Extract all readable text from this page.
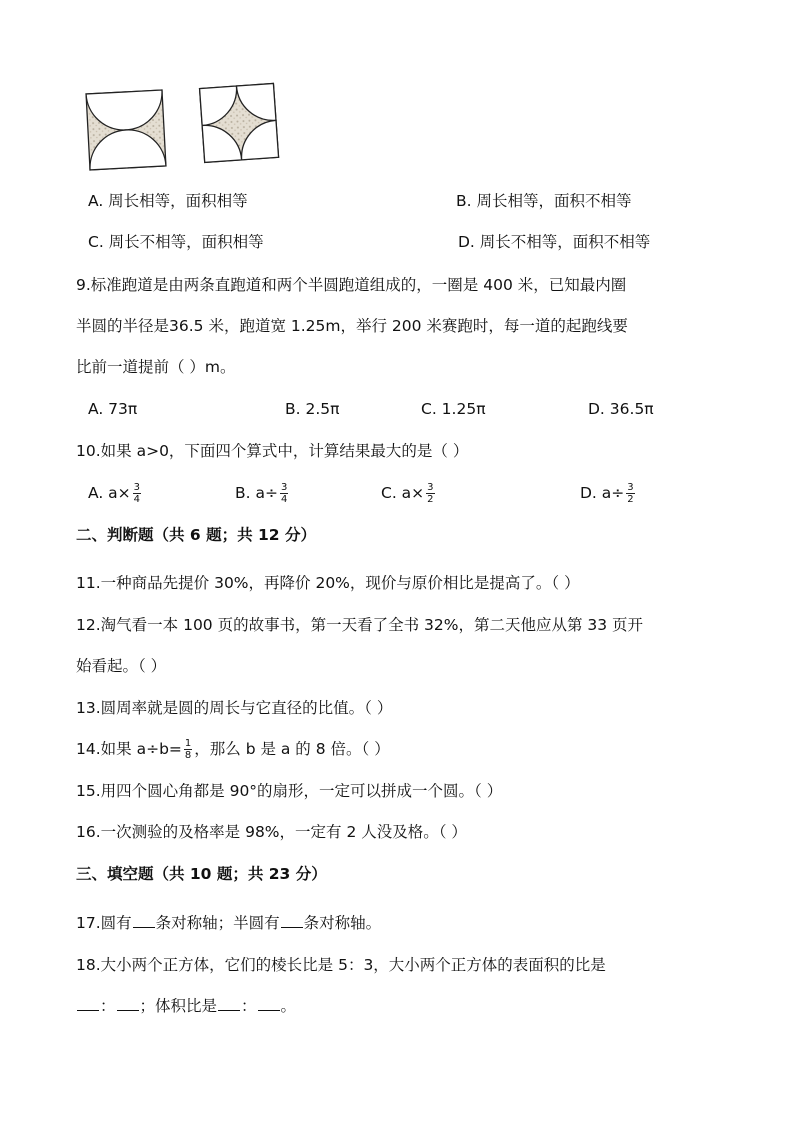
A. 周长相等，面积相等	B. 周长相等，面积不相等
C. 周长不相等，面积相等	D. 周长不相等，面积不相等
9.标准跑道是由两条直跑道和两个半圆跑道组成的，一圈是 400 米，已知最内圈
半圆的半径是36.5 米，跑道宽 1.25m，举行 200 米赛跑时，每一道的起跑线要
比前一道提前（ ）m。
A. 73π	B. 2.5π	C. 1.25π	D. 36.5π
10.如果 a>0，下面四个算式中，计算结果最大的是（ ）
A. $a\times \frac{3}{4}$	B. $a\div \frac{3}{4}$	C. $a\times \frac{3}{2}$	D. $a\div \frac{3}{2}$
二、判断题（共 6 题；共 12 分）
11.一种商品先提价 30%，再降价 20%，现价与原价相比是提高了。（ ）
12.淘气看一本 100 页的故事书，第一天看了全书 32%，第二天他应从第 33 页开
始看起。（ ）
13.圆周率就是圆的周长与它直径的比值。（ ）
14.如果 $a\div b= \frac{1}{8}$ ，那么 b 是 a 的 8 倍。（ ）
15.用四个圆心角都是 90°的扇形，一定可以拼成一个圆。（ ）
16.一次测验的及格率是 98%，一定有 2 人没及格。（ ）
三、填空题（共 10 题；共 23 分）
17.圆有 条对称轴；半圆有 条对称轴。
18.大小两个正方体，它们的棱长比是 5：3，大小两个正方体的表面积的比是
： ；体积比是 ： 。
